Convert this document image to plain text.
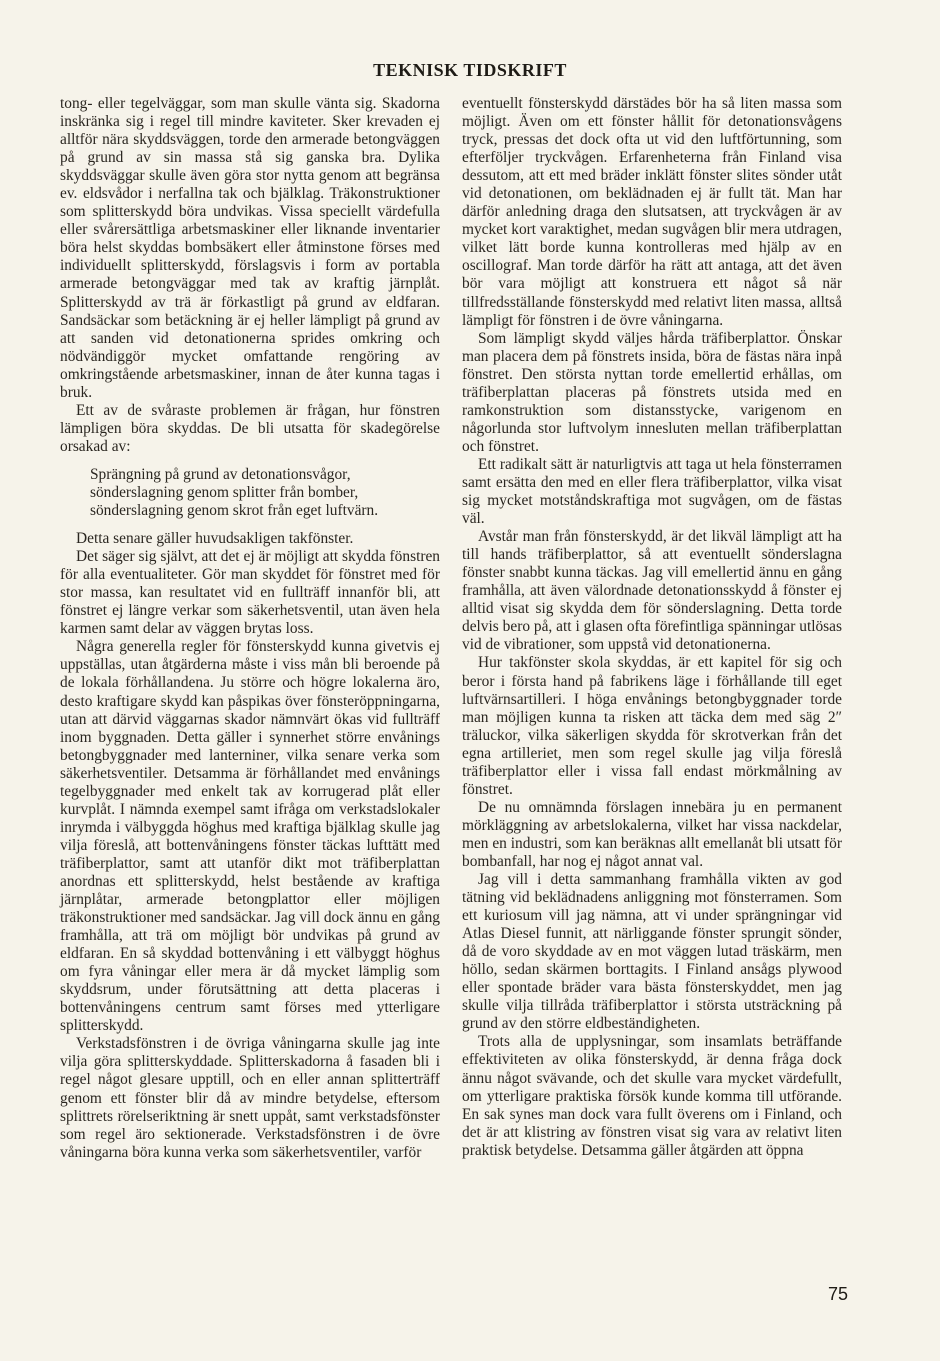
TEKNISK TIDSKRIFT

tong- eller tegelväggar, som man skulle vänta sig. Skadorna inskränka sig i regel till mindre kaviteter. Sker krevaden ej alltför nära skyddsväggen, torde den armerade betongväggen på grund av sin massa stå sig ganska bra. Dylika skyddsväggar skulle även göra stor nytta genom att begränsa ev. eldsvådor i nerfallna tak och bjälklag. Träkonstruktioner som splitterskydd böra undvikas. Vissa speciellt värdefulla eller svårersättliga arbetsmaskiner eller liknande inventarier böra helst skyddas bombsäkert eller åtminstone förses med individuellt splitterskydd, förslagsvis i form av portabla armerade betongväggar med tak av kraftig järnplåt. Splitterskydd av trä är förkastligt på grund av eldfaran. Sandsäckar som betäckning är ej heller lämpligt på grund av att sanden vid detonationerna sprides omkring och nödvändiggör mycket omfattande rengöring av omkringstående arbetsmaskiner, innan de åter kunna tagas i bruk.

Ett av de svåraste problemen är frågan, hur fönstren lämpligen böra skyddas. De bli utsatta för skadegörelse orsakad av:

Sprängning på grund av detonationsvågor,
sönderslagning genom splitter från bomber,
sönderslagning genom skrot från eget luftvärn.

Detta senare gäller huvudsakligen takfönster.

Det säger sig självt, att det ej är möjligt att skydda fönstren för alla eventualiteter. Gör man skyddet för fönstret med för stor massa, kan resultatet vid en fullträff innanför bli, att fönstret ej längre verkar som säkerhetsventil, utan även hela karmen samt delar av väggen brytas loss.

Några generella regler för fönsterskydd kunna givetvis ej uppställas, utan åtgärderna måste i viss mån bli beroende på de lokala förhållandena. Ju större och högre lokalerna äro, desto kraftigare skydd kan påspikas över fönsteröppningarna, utan att därvid väggarnas skador nämnvärt ökas vid fullträff inom byggnaden. Detta gäller i synnerhet större envånings betongbyggnader med lanterniner, vilka senare verka som säkerhetsventiler. Detsamma är förhållandet med envånings tegelbyggnader med enkelt tak av korrugerad plåt eller kurvplåt. I nämnda exempel samt ifråga om verkstadslokaler inrymda i välbyggda höghus med kraftiga bjälklag skulle jag vilja föreslå, att bottenvåningens fönster täckas lufttätt med träfiberplattor, samt att utanför dikt mot träfiberplattan anordnas ett splitterskydd, helst bestående av kraftiga järnplåtar, armerade betongplattor eller möjligen träkonstruktioner med sandsäckar. Jag vill dock ännu en gång framhålla, att trä om möjligt bör undvikas på grund av eldfaran. En så skyddad bottenvåning i ett välbyggt höghus om fyra våningar eller mera är då mycket lämplig som skyddsrum, under förutsättning att detta placeras i bottenvåningens centrum samt förses med ytterligare splitterskydd.

Verkstadsfönstren i de övriga våningarna skulle jag inte vilja göra splitterskyddade. Splitterskadorna å fasaden bli i regel något glesare upptill, och en eller annan splitterträff genom ett fönster blir då av mindre betydelse, eftersom splittrets rörelseriktning är snett uppåt, samt verkstadsfönster som regel äro sektionerade. Verkstadsfönstren i de övre våningarna böra kunna verka som säkerhetsventiler, varför

eventuellt fönsterskydd därstädes bör ha så liten massa som möjligt. Även om ett fönster hållit för detonationsvågens tryck, pressas det dock ofta ut vid den luftförtunning, som efterföljer tryckvågen. Erfarenheterna från Finland visa dessutom, att ett med bräder inklätt fönster slites sönder utåt vid detonationen, om beklädnaden ej är fullt tät. Man har därför anledning draga den slutsatsen, att tryckvågen är av mycket kort varaktighet, medan sugvågen blir mera utdragen, vilket lätt borde kunna kontrolleras med hjälp av en oscillograf. Man torde därför ha rätt att antaga, att det även bör vara möjligt att konstruera ett något så när tillfredsställande fönsterskydd med relativt liten massa, alltså lämpligt för fönstren i de övre våningarna.

Som lämpligt skydd väljes hårda träfiberplattor. Önskar man placera dem på fönstrets insida, böra de fästas nära inpå fönstret. Den största nyttan torde emellertid erhållas, om träfiberplattan placeras på fönstrets utsida med en ramkonstruktion som distansstycke, varigenom en någorlunda stor luftvolym innesluten mellan träfiberplattan och fönstret.

Ett radikalt sätt är naturligtvis att taga ut hela fönsterramen samt ersätta den med en eller flera träfiberplattor, vilka visat sig mycket motståndskraftiga mot sugvågen, om de fästas väl.

Avstår man från fönsterskydd, är det likväl lämpligt att ha till hands träfiberplattor, så att eventuellt sönderslagna fönster snabbt kunna täckas. Jag vill emellertid ännu en gång framhålla, att även välordnade detonationsskydd å fönster ej alltid visat sig skydda dem för sönderslagning. Detta torde delvis bero på, att i glasen ofta förefintliga spänningar utlösas vid de vibrationer, som uppstå vid detonationerna.

Hur takfönster skola skyddas, är ett kapitel för sig och beror i första hand på fabrikens läge i förhållande till eget luftvärnsartilleri. I höga envånings betongbyggnader torde man möjligen kunna ta risken att täcka dem med säg 2″ träluckor, vilka säkerligen skydda för skrotverkan från det egna artilleriet, men som regel skulle jag vilja föreslå träfiberplattor eller i vissa fall endast mörkmålning av fönstret.

De nu omnämnda förslagen innebära ju en permanent mörkläggning av arbetslokalerna, vilket har vissa nackdelar, men en industri, som kan beräknas allt emellanåt bli utsatt för bombanfall, har nog ej något annat val.

Jag vill i detta sammanhang framhålla vikten av god tätning vid beklädnadens anliggning mot fönsterramen. Som ett kuriosum vill jag nämna, att vi under sprängningar vid Atlas Diesel funnit, att närliggande fönster sprungit sönder, då de voro skyddade av en mot väggen lutad träskärm, men höllo, sedan skärmen borttagits. I Finland ansågs plywood eller spontade bräder vara bästa fönsterskyddet, men jag skulle vilja tillråda träfiberplattor i största utsträckning på grund av den större eldbeständigheten.

Trots alla de upplysningar, som insamlats beträffande effektiviteten av olika fönsterskydd, är denna fråga dock ännu något svävande, och det skulle vara mycket värdefullt, om ytterligare praktiska försök kunde komma till utförande. En sak synes man dock vara fullt överens om i Finland, och det är att klistring av fönstren visat sig vara av relativt liten praktisk betydelse. Detsamma gäller åtgärden att öppna

75
